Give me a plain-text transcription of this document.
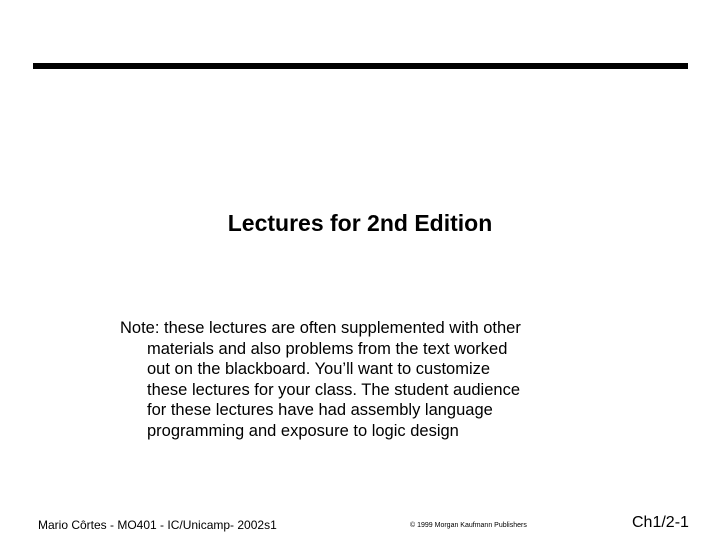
Lectures for 2nd Edition
Note: these lectures are often supplemented with other
materials and also problems from the text worked
out on the blackboard. You’ll want to customize
these lectures for your class. The student audience
for these lectures have had assembly language
programming and exposure to logic design
Mario Côrtes - MO401 - IC/Unicamp- 2002s1	© 1999 Morgan Kaufmann Publishers	Ch1/2-1
